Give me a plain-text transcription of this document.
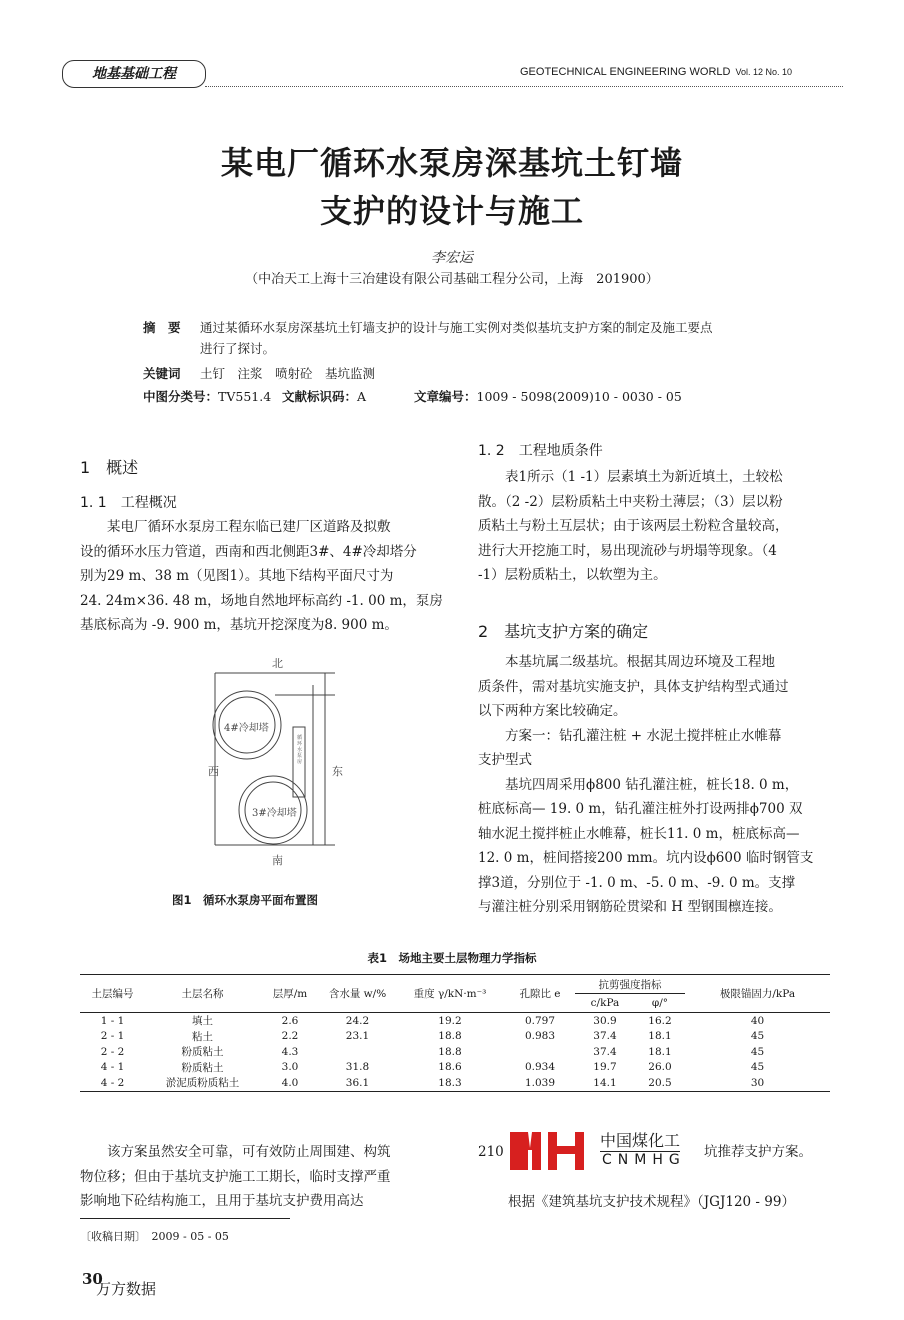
地基基础工程	GEOTECHNICAL ENGINEERING WORLD Vol. 12 No. 10
某电厂循环水泵房深基坑土钉墙
支护的设计与施工
李宏运
（中冶天工上海十三冶建设有限公司基础工程分公司，上海　201900）
摘　要 通过某循环水泵房深基坑土钉墙支护的设计与施工实例对类似基坑支护方案的制定及施工要点
进行了探讨。
关键词 土钉　注浆　喷射砼　基坑监测
中图分类号：TV551.4 文献标识码：A	文章编号：1009 - 5098(2009)10 - 0030 - 05
1　概述
1. 1　工程概况
某电厂循环水泵房工程东临已建厂区道路及拟敷
设的循环水压力管道，西南和西北侧距3#、4#冷却塔分
别为29 m、38 m（见图1）。其地下结构平面尺寸为
24. 24m×36. 48 m，场地自然地坪标高约 -1. 00 m，泵房
基底标高为 -9. 900 m，基坑开挖深度为8. 900 m。
北
南
西	东
4#冷却塔
3#冷却塔
循环水泵房
图1　循环水泵房平面布置图
1. 2　工程地质条件
表1所示（1 -1）层素填土为新近填土，土较松
散。（2 -2）层粉质粘土中夹粉土薄层；（3）层以粉
质粘土与粉土互层状；由于该两层土粉粒含量较高，
进行大开挖施工时，易出现流砂与坍塌等现象。（4
-1）层粉质粘土，以软塑为主。
2　基坑支护方案的确定
本基坑属二级基坑。根据其周边环境及工程地
质条件，需对基坑实施支护，具体支护结构型式通过
以下两种方案比较确定。
方案一：钻孔灌注桩 + 水泥土搅拌桩止水帷幕
支护型式
基坑四周采用ϕ800 钻孔灌注桩，桩长18. 0 m，
桩底标高— 19. 0 m，钻孔灌注桩外打设两排ϕ700 双
轴水泥土搅拌桩止水帷幕，桩长11. 0 m，桩底标高—
12. 0 m，桩间搭接200 mm。坑内设ϕ600 临时钢管支
撑3道，分别位于 -1. 0 m、-5. 0 m、-9. 0 m。支撑
与灌注桩分别采用钢筋砼贯梁和 H 型钢围檩连接。
表1　场地主要土层物理力学指标
土层编号	土层名称	层厚/m	含水量 w/%	重度 γ/kN·m⁻³	孔隙比 e	抗剪强度指标		极限锚固力/kPa
						c/kPa	φ/°	
1 - 1	填土	2.6	24.2	19.2	0.797	30.9	16.2	40
2 - 1	粘土	2.2	23.1	18.8	0.983	37.4	18.1	45
2 - 2	粉质粘土	4.3		18.8		37.4	18.1	45
4 - 1	粉质粘土	3.0	31.8	18.6	0.934	19.7	26.0	45
4 - 2	淤泥质粉质粘土	4.0	36.1	18.3	1.039	14.1	20.5	30
该方案虽然安全可靠，可有效防止周围建、构筑
物位移；但由于基坑支护施工工期长，临时支撑严重
影响地下砼结构施工，且用于基坑支护费用高达
210	坑推荐支护方案。
根据《建筑基坑支护技术规程》（JGJ120 - 99）
中国煤化工
CNMHG
〔收稿日期〕　2009 - 05 - 05
30
万方数据
